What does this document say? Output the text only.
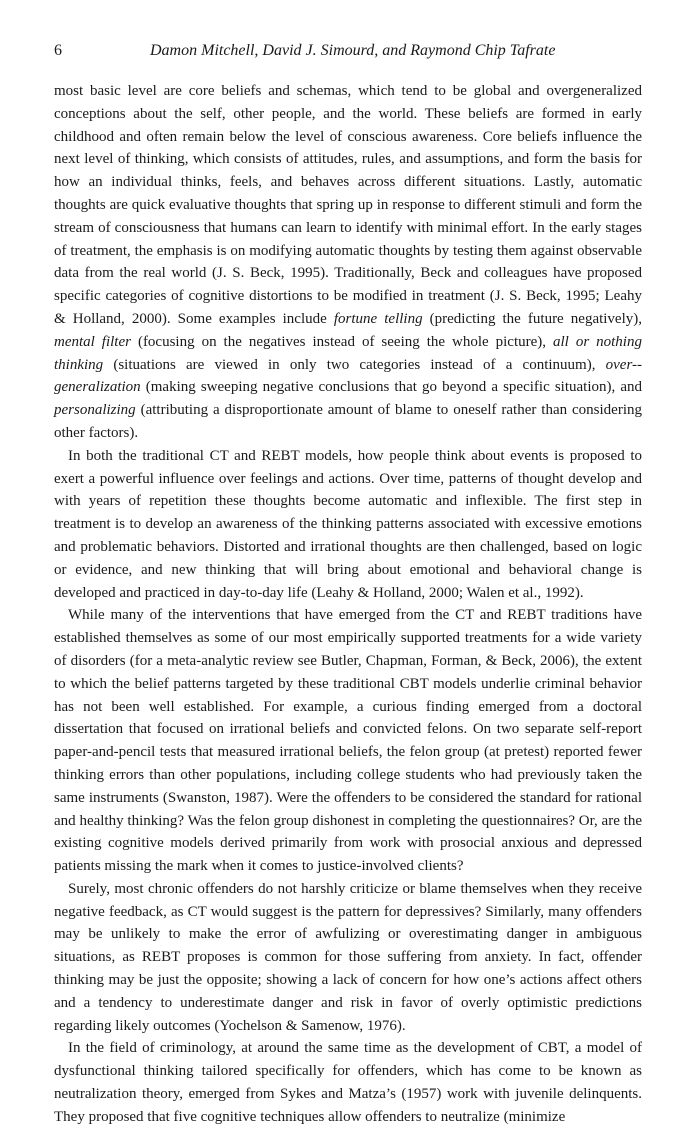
6	Damon Mitchell, David J. Simourd, and Raymond Chip Tafrate

most basic level are core beliefs and schemas, which tend to be global and overgeneralized conceptions about the self, other people, and the world. These beliefs are formed in early childhood and often remain below the level of conscious awareness. Core beliefs influence the next level of thinking, which consists of attitudes, rules, and assumptions, and form the basis for how an individual thinks, feels, and behaves across different situations. Lastly, automatic thoughts are quick evaluative thoughts that spring up in response to different stimuli and form the stream of consciousness that humans can learn to identify with minimal effort. In the early stages of treatment, the emphasis is on modifying automatic thoughts by testing them against observable data from the real world (J. S. Beck, 1995). Traditionally, Beck and colleagues have proposed specific categories of cognitive distortions to be modified in treatment (J. S. Beck, 1995; Leahy & Holland, 2000). Some examples include fortune telling (predicting the future negatively), mental filter (focusing on the negatives instead of seeing the whole picture), all or nothing thinking (situations are viewed in only two categories instead of a continuum), over-generalization (making sweeping negative conclusions that go beyond a specific situation), and personalizing (attributing a disproportionate amount of blame to oneself rather than considering other factors).

In both the traditional CT and REBT models, how people think about events is proposed to exert a powerful influence over feelings and actions. Over time, patterns of thought develop and with years of repetition these thoughts become automatic and inflexible. The first step in treatment is to develop an awareness of the thinking patterns associated with excessive emotions and problematic behaviors. Distorted and irrational thoughts are then challenged, based on logic or evidence, and new thinking that will bring about emotional and behavioral change is developed and practiced in day-to-day life (Leahy & Holland, 2000; Walen et al., 1992).

While many of the interventions that have emerged from the CT and REBT traditions have established themselves as some of our most empirically supported treatments for a wide variety of disorders (for a meta-analytic review see Butler, Chapman, Forman, & Beck, 2006), the extent to which the belief patterns targeted by these traditional CBT models underlie criminal behavior has not been well established. For example, a curious finding emerged from a doctoral dissertation that focused on irrational beliefs and convicted felons. On two separate self-report paper-and-pencil tests that measured irrational beliefs, the felon group (at pretest) reported fewer thinking errors than other populations, including college students who had previously taken the same instruments (Swanston, 1987). Were the offenders to be considered the standard for rational and healthy thinking? Was the felon group dishonest in completing the questionnaires? Or, are the existing cognitive models derived primarily from work with prosocial anxious and depressed patients missing the mark when it comes to justice-involved clients?

Surely, most chronic offenders do not harshly criticize or blame themselves when they receive negative feedback, as CT would suggest is the pattern for depressives? Similarly, many offenders may be unlikely to make the error of awfulizing or overestimating danger in ambiguous situations, as REBT proposes is common for those suffering from anxiety. In fact, offender thinking may be just the opposite; showing a lack of concern for how one’s actions affect others and a tendency to underestimate danger and risk in favor of overly optimistic predictions regarding likely outcomes (Yochelson & Samenow, 1976).

In the field of criminology, at around the same time as the development of CBT, a model of dysfunctional thinking tailored specifically for offenders, which has come to be known as neutralization theory, emerged from Sykes and Matza’s (1957) work with juvenile delinquents. They proposed that five cognitive techniques allow offenders to neutralize (minimize
